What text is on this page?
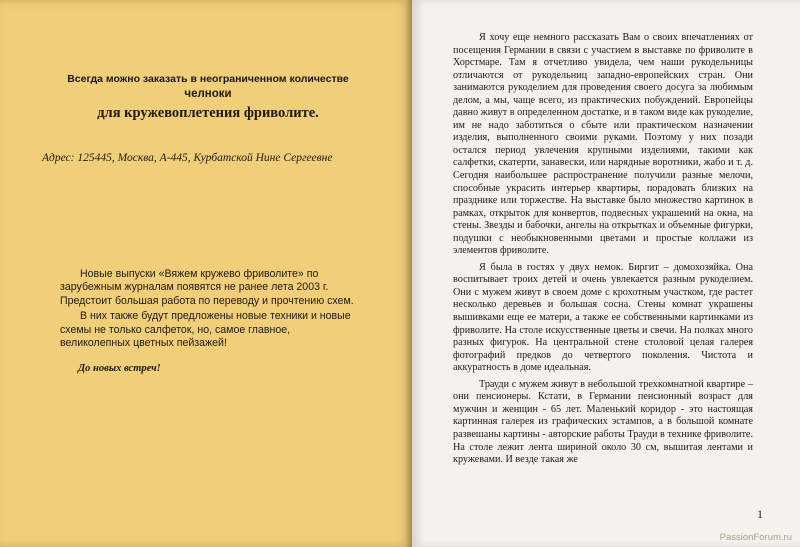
Всегда можно заказать в неограниченном количестве
челноки
для кружевоплетения фриволите.
Адрес: 125445, Москва, А-445, Курбатской Нине Сергеевне

Новые выпуски «Вяжем кружево фриволите» по зарубежным журналам появятся не ранее лета 2003 г. Предстоит большая работа по переводу и прочтению схем.

В них также будут предложены новые техники и новые схемы не только салфеток, но, самое главное, великолепных цветных пейзажей!

До новых встреч!

Я хочу еще немного рассказать Вам о своих впечатлениях от посещения Германии в связи с участием в выставке по фриволите в Хорстмаре. Там я отчетливо увидела, чем наши рукодельницы отличаются от рукодельниц западно-европейских стран. Они занимаются рукоделием для проведения своего досуга за любимым делом, а мы, чаще всего, из практических побуждений. Европейцы давно живут в определенном достатке, и в таком виде как рукоделие, им не надо заботиться о сбыте или практическом назначении изделия, выполненного своими руками. Поэтому у них позади остался период увлечения крупными изделиями, такими как салфетки, скатерти, занавески, или нарядные воротники, жабо и т. д. Сегодня наибольшее распространение получили разные мелочи, способные украсить интерьер квартиры, порадовать близких на празднике или торжестве. На выставке было множество картинок в рамках, открыток для конвертов, подвесных украшений на окна, на стены. Звезды и бабочки, ангелы на открытках и объемные фигурки, подушки с необыкновенными цветами и простые коллажи из элементов фриволите.

Я была в гостях у двух немок. Биргит – домохозяйка. Она воспитывает троих детей и очень увлекается разным рукоделием. Они с мужем живут в своем доме с крохотным участком, где растет несколько деревьев и большая сосна. Стены комнат украшены вышивками еще ее матери, а также ее собственными картинками из фриволите. На столе искусственные цветы и свечи. На полках много разных фигурок. На центральной стене столовой целая галерея фотографий предков до четвертого поколения. Чистота и аккуратность в доме идеальная.

Трауди с мужем живут в небольшой трехкомнатной квартире – они пенсионеры. Кстати, в Германии пенсионный возраст для мужчин и женщин - 65 лет. Маленький коридор - это настоящая картинная галерея из графических эстампов, а в большой комнате развешаны картины - авторские работы Трауди в технике фриволите. На столе лежит лента шириной около 30 см, вышитая лентами и кружевами. И везде такая же

1
PassionForum.ru
